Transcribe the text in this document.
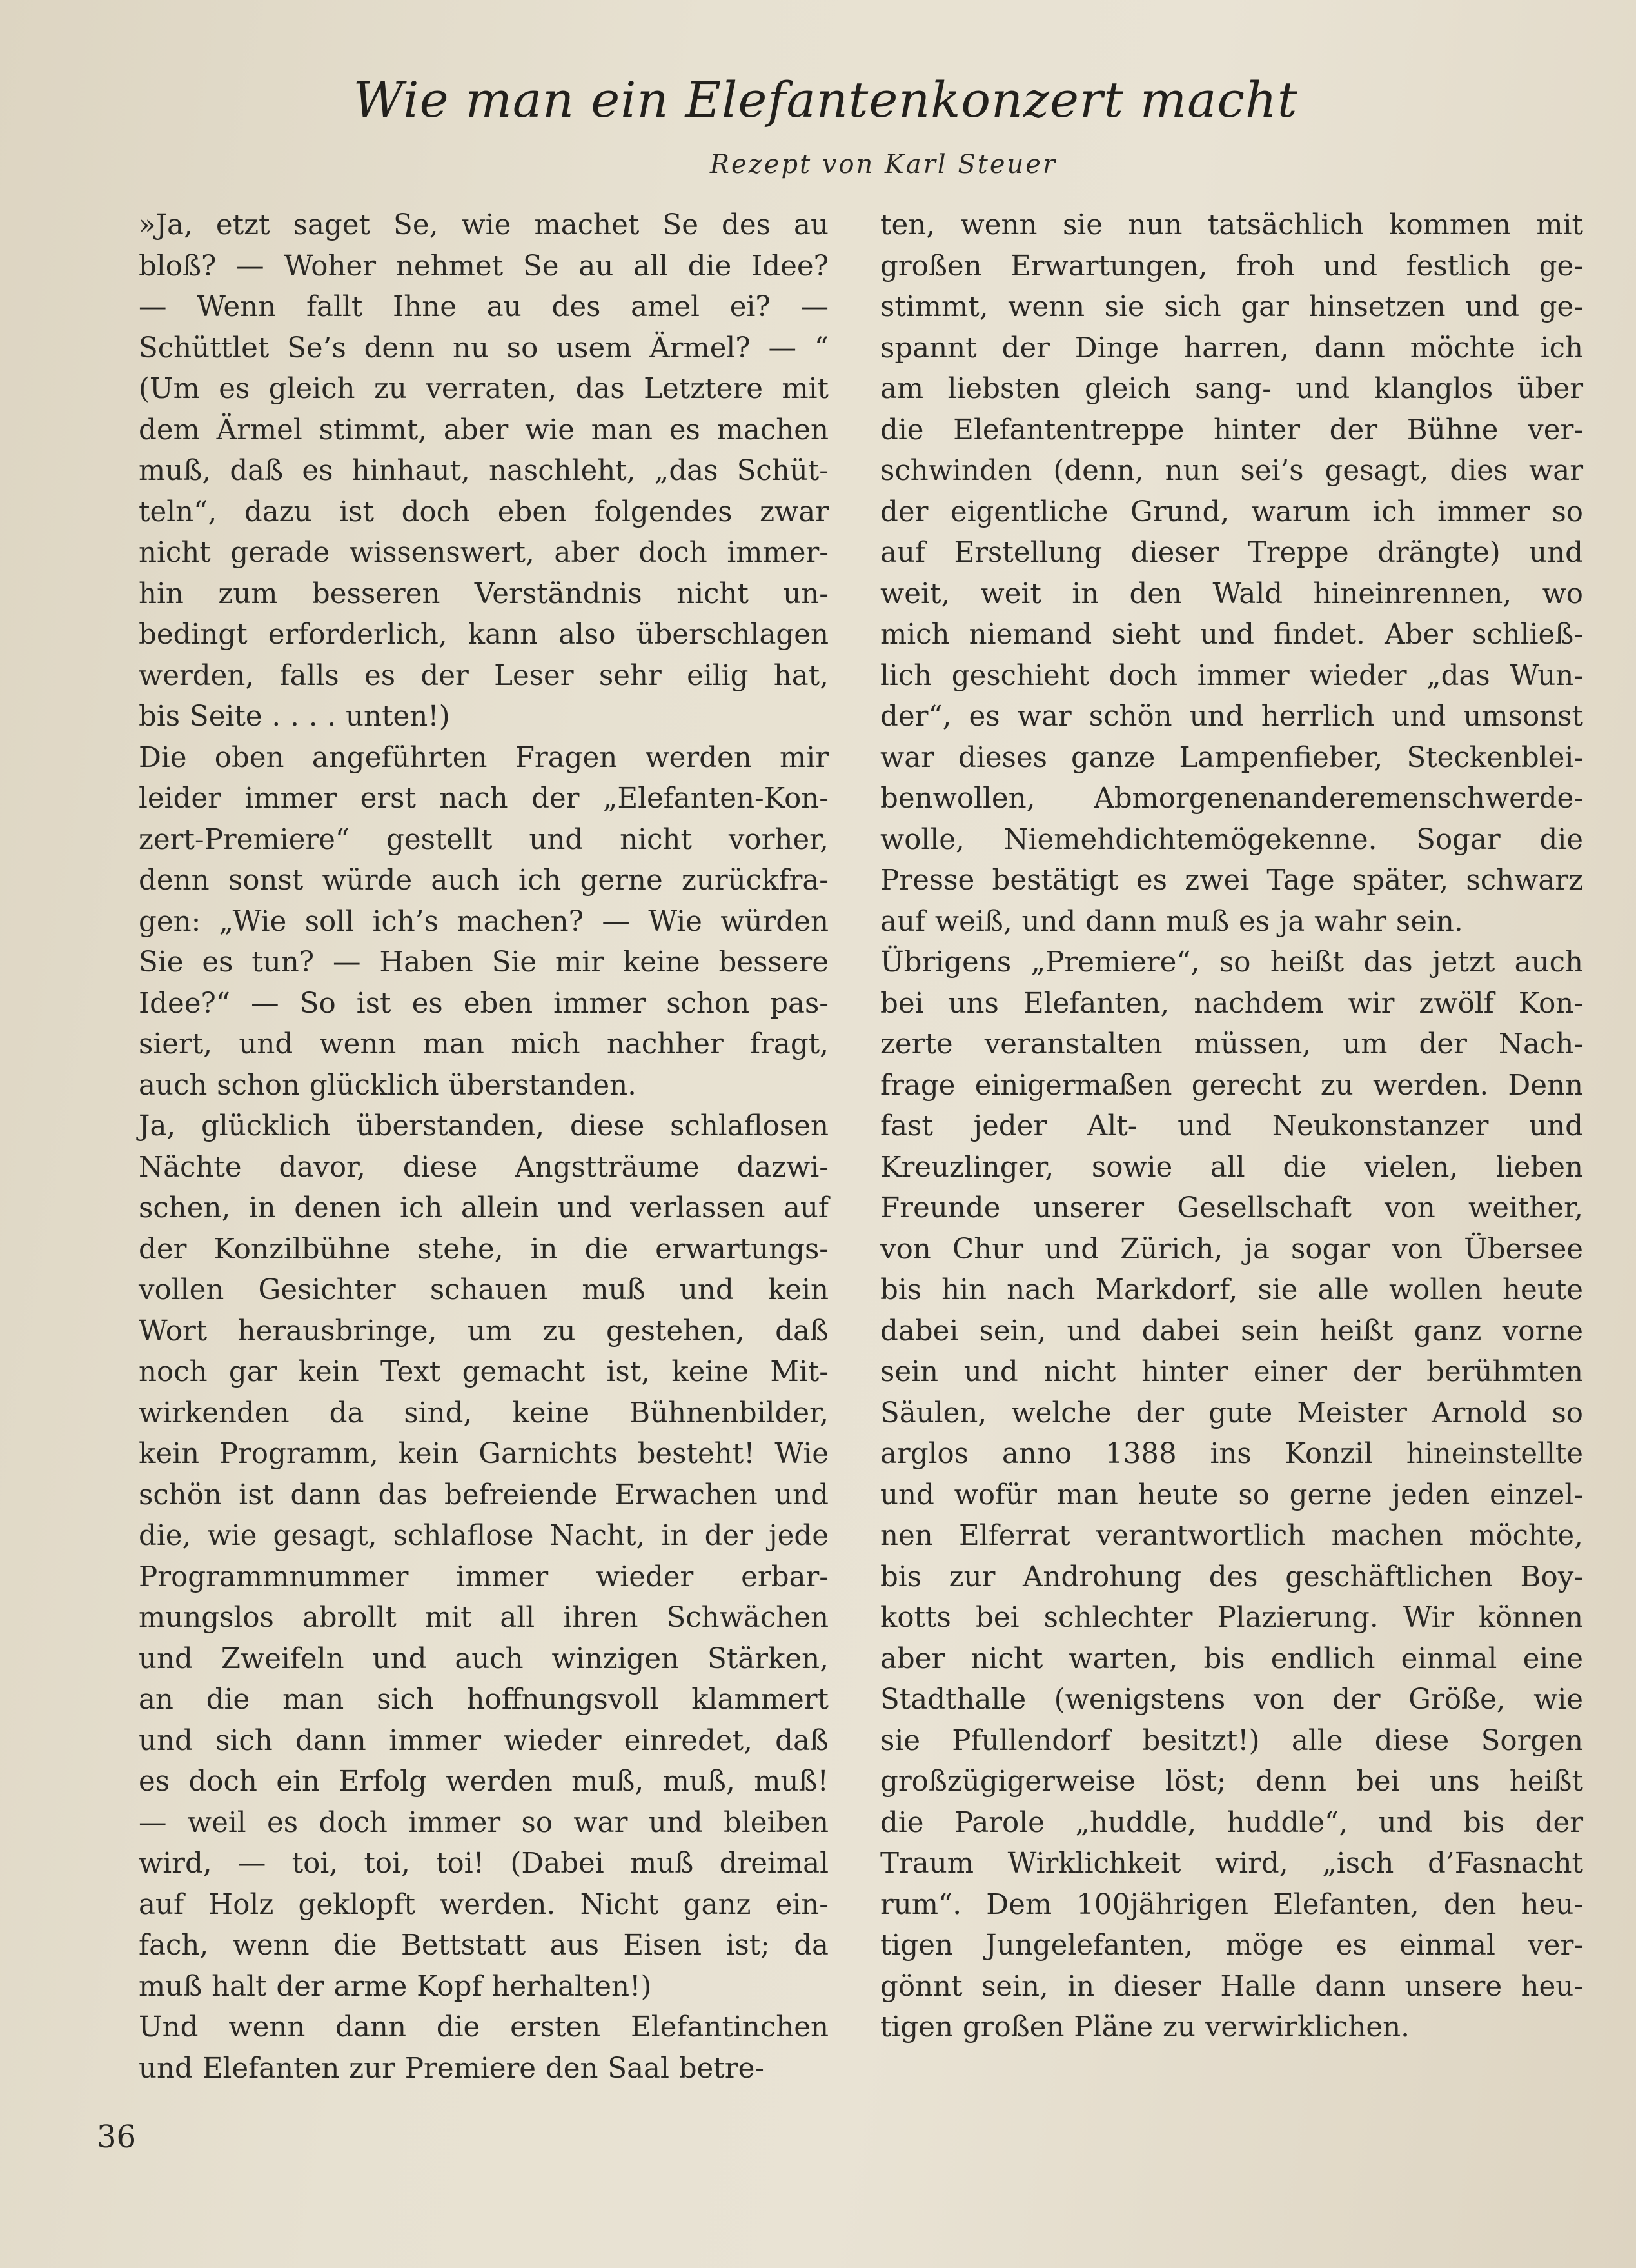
Wie man ein Elefantenkonzert macht

Rezept von Karl Steuer

»Ja, etzt saget Se, wie machet Se des au
bloß? — Woher nehmet Se au all die Idee?
— Wenn fallt Ihne au des amel ei? —
Schüttlet Se’s denn nu so usem Ärmel? — “
(Um es gleich zu verraten, das Letztere mit
dem Ärmel stimmt, aber wie man es machen
muß, daß es hinhaut, naschleht, „das Schüt-
teln“, dazu ist doch eben folgendes zwar
nicht gerade wissenswert, aber doch immer-
hin zum besseren Verständnis nicht un-
bedingt erforderlich, kann also überschlagen
werden, falls es der Leser sehr eilig hat,
bis Seite . . . . unten!)
Die oben angeführten Fragen werden mir
leider immer erst nach der „Elefanten-Kon-
zert-Premiere“ gestellt und nicht vorher,
denn sonst würde auch ich gerne zurückfra-
gen: „Wie soll ich’s machen? — Wie würden
Sie es tun? — Haben Sie mir keine bessere
Idee?“ — So ist es eben immer schon pas-
siert, und wenn man mich nachher fragt,
auch schon glücklich überstanden.
Ja, glücklich überstanden, diese schlaflosen
Nächte davor, diese Angstträume dazwi-
schen, in denen ich allein und verlassen auf
der Konzilbühne stehe, in die erwartungs-
vollen Gesichter schauen muß und kein
Wort herausbringe, um zu gestehen, daß
noch gar kein Text gemacht ist, keine Mit-
wirkenden da sind, keine Bühnenbilder,
kein Programm, kein Garnichts besteht! Wie
schön ist dann das befreiende Erwachen und
die, wie gesagt, schlaflose Nacht, in der jede
Programmnummer immer wieder erbar-
mungslos abrollt mit all ihren Schwächen
und Zweifeln und auch winzigen Stärken,
an die man sich hoffnungsvoll klammert
und sich dann immer wieder einredet, daß
es doch ein Erfolg werden muß, muß, muß!
— weil es doch immer so war und bleiben
wird, — toi, toi, toi! (Dabei muß dreimal
auf Holz geklopft werden. Nicht ganz ein-
fach, wenn die Bettstatt aus Eisen ist; da
muß halt der arme Kopf herhalten!)
Und wenn dann die ersten Elefantinchen
und Elefanten zur Premiere den Saal betre-
ten, wenn sie nun tatsächlich kommen mit
großen Erwartungen, froh und festlich ge-
stimmt, wenn sie sich gar hinsetzen und ge-
spannt der Dinge harren, dann möchte ich
am liebsten gleich sang- und klanglos über
die Elefantentreppe hinter der Bühne ver-
schwinden (denn, nun sei’s gesagt, dies war
der eigentliche Grund, warum ich immer so
auf Erstellung dieser Treppe drängte) und
weit, weit in den Wald hineinrennen, wo
mich niemand sieht und findet. Aber schließ-
lich geschieht doch immer wieder „das Wun-
der“, es war schön und herrlich und umsonst
war dieses ganze Lampenfieber, Steckenblei-
benwollen, Abmorgenenanderemenschwerde-
wolle, Niemehdichtemögekenne. Sogar die
Presse bestätigt es zwei Tage später, schwarz
auf weiß, und dann muß es ja wahr sein.
Übrigens „Premiere“, so heißt das jetzt auch
bei uns Elefanten, nachdem wir zwölf Kon-
zerte veranstalten müssen, um der Nach-
frage einigermaßen gerecht zu werden. Denn
fast jeder Alt- und Neukonstanzer und
Kreuzlinger, sowie all die vielen, lieben
Freunde unserer Gesellschaft von weither,
von Chur und Zürich, ja sogar von Übersee
bis hin nach Markdorf, sie alle wollen heute
dabei sein, und dabei sein heißt ganz vorne
sein und nicht hinter einer der berühmten
Säulen, welche der gute Meister Arnold so
arglos anno 1388 ins Konzil hineinstellte
und wofür man heute so gerne jeden einzel-
nen Elferrat verantwortlich machen möchte,
bis zur Androhung des geschäftlichen Boy-
kotts bei schlechter Plazierung. Wir können
aber nicht warten, bis endlich einmal eine
Stadthalle (wenigstens von der Größe, wie
sie Pfullendorf besitzt!) alle diese Sorgen
großzügigerweise löst; denn bei uns heißt
die Parole „huddle, huddle“, und bis der
Traum Wirklichkeit wird, „isch d’Fasnacht
rum“. Dem 100jährigen Elefanten, den heu-
tigen Jungelefanten, möge es einmal ver-
gönnt sein, in dieser Halle dann unsere heu-
tigen großen Pläne zu verwirklichen.

36
